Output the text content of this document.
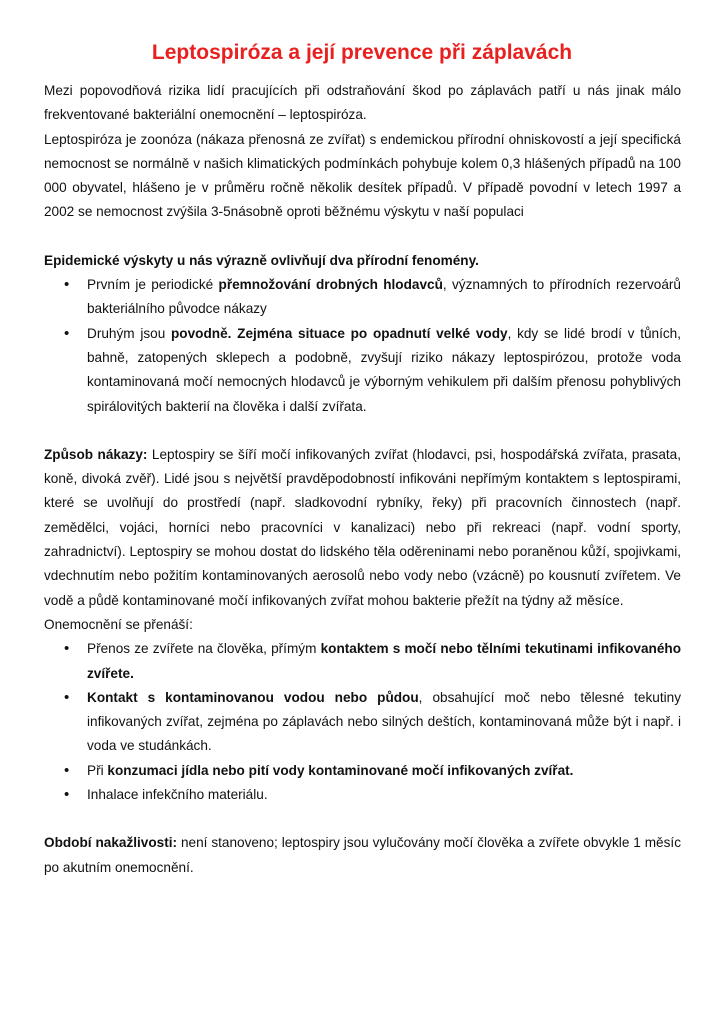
Leptospiróza a její prevence při záplavách

Mezi popovodňová rizika lidí pracujících při odstraňování škod po záplavách patří u nás jinak málo frekventované bakteriální onemocnění – leptospiróza.

Leptospiróza je zoonóza (nákaza přenosná ze zvířat) s endemickou přírodní ohniskovostí a její specifická nemocnost se normálně v našich klimatických podmínkách pohybuje kolem 0,3 hlášených případů na 100 000 obyvatel, hlášeno je v průměru ročně několik desítek případů. V případě povodní v letech 1997 a 2002 se nemocnost zvýšila 3-5násobně oproti běžnému výskytu v naší populaci

Epidemické výskyty u nás výrazně ovlivňují dva přírodní fenomény.

• Prvním je periodické přemnožování drobných hlodavců, významných to přírodních rezervoárů bakteriálního původce nákazy
• Druhým jsou povodně. Zejména situace po opadnutí velké vody, kdy se lidé brodí v tůních, bahně, zatopených sklepech a podobně, zvyšují riziko nákazy leptospirózou, protože voda kontaminovaná močí nemocných hlodavců je výborným vehikulem při dalším přenosu pohyblivých spirálovitých bakterií na člověka i další zvířata.

Způsob nákazy: Leptospiry se šíří močí infikovaných zvířat (hlodavci, psi, hospodářská zvířata, prasata, koně, divoká zvěř). Lidé jsou s největší pravděpodobností infikováni nepřímým kontaktem s leptospirami, které se uvolňují do prostředí (např. sladkovodní rybníky, řeky) při pracovních činnostech (např. zemědělci, vojáci, horníci nebo pracovníci v kanalizaci) nebo při rekreaci (např. vodní sporty, zahradnictví). Leptospiry se mohou dostat do lidského těla oděreninami nebo poraněnou kůží, spojivkami, vdechnutím nebo požitím kontaminovaných aerosolů nebo vody nebo (vzácně) po kousnutí zvířetem. Ve vodě a půdě kontaminované močí infikovaných zvířat mohou bakterie přežít na týdny až měsíce.

Onemocnění se přenáší:

• Přenos ze zvířete na člověka, přímým kontaktem s močí nebo tělními tekutinami infikovaného zvířete.
• Kontakt s kontaminovanou vodou nebo půdou, obsahující moč nebo tělesné tekutiny infikovaných zvířat, zejména po záplavách nebo silných deštích, kontaminovaná může být i např. i voda ve studánkách.
• Při konzumaci jídla nebo pití vody kontaminované močí infikovaných zvířat.
• Inhalace infekčního materiálu.

Období nakažlivosti: není stanoveno; leptospiry jsou vylučovány močí člověka a zvířete obvykle 1 měsíc po akutním onemocnění.
